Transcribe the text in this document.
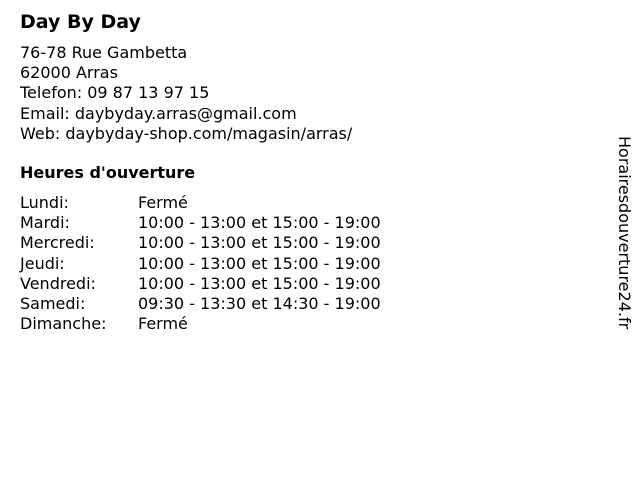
Day By Day
76-78 Rue Gambetta
62000 Arras
Telefon: 09 87 13 97 15
Email: daybyday.arras@gmail.com
Web: daybyday-shop.com/magasin/arras/
Heures d'ouverture
Lundi:	Fermé
Mardi:	10:00 - 13:00 et 15:00 - 19:00
Mercredi:	10:00 - 13:00 et 15:00 - 19:00
Jeudi:	10:00 - 13:00 et 15:00 - 19:00
Vendredi:	10:00 - 13:00 et 15:00 - 19:00
Samedi:	09:30 - 13:30 et 14:30 - 19:00
Dimanche:	Fermé	Horairesdouverture24.fr
